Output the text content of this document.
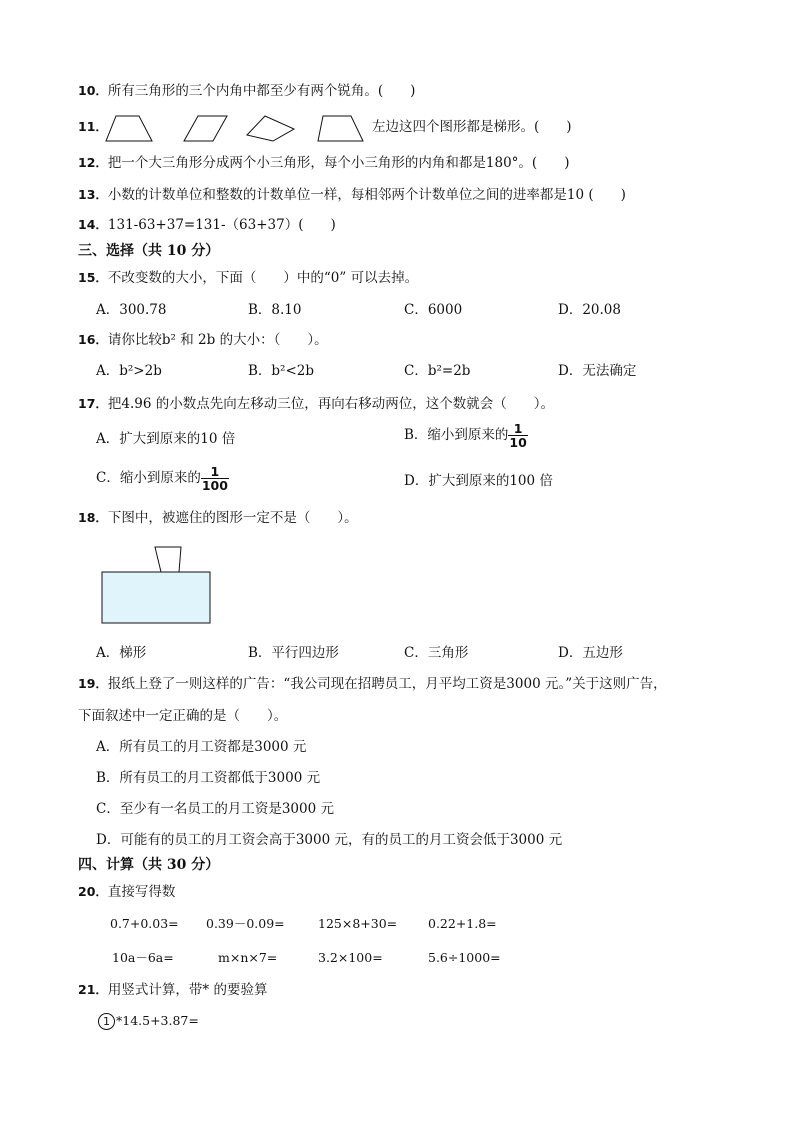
10．所有三角形的三个内角中都至少有两个锐角。(　　)
11．	左边这四个图形都是梯形。(　　)
12．把一个大三角形分成两个小三角形，每个小三角形的内角和都是180°。(　　)
13．小数的计数单位和整数的计数单位一样，每相邻两个计数单位之间的进率都是10 (　　)
14．131-63+37=131-（63+37）(　　)
三、选择（共 10 分）
15．不改变数的大小，下面（　　）中的“0” 可以去掉。
A．300.78	B．8.10	C．6000	D．20.08
16．请你比较b² 和 2b 的大小：（　　）。
A．b²>2b	B．b²<2b	C．b²=2b	D．无法确定
17．把4.96 的小数点先向左移动三位，再向右移动两位，这个数就会（　　）。
A．扩大到原来的10 倍	B．缩小到原来的 $\frac{1}{10}$
C．缩小到原来的 $\frac{1}{100}$	D．扩大到原来的100 倍
18．下图中，被遮住的图形一定不是（　　）。
A．梯形	B．平行四边形	C．三角形	D．五边形
19．报纸上登了一则这样的广告：“我公司现在招聘员工，月平均工资是3000 元。”关于这则广告，
下面叙述中一定正确的是（　　）。
A．所有员工的月工资都是3000 元
B．所有员工的月工资都低于3000 元
C．至少有一名员工的月工资是3000 元
D．可能有的员工的月工资会高于3000 元，有的员工的月工资会低于3000 元
四、计算（共 30 分）
20．直接写得数
0.7+0.03= 0.39－0.09=	125×8+30= 0.22+1.8=
10a－6a=	m×n×7=	3.2×100=	5.6÷1000=
21．用竖式计算，带* 的要验算
1 *14.5+3.87=
